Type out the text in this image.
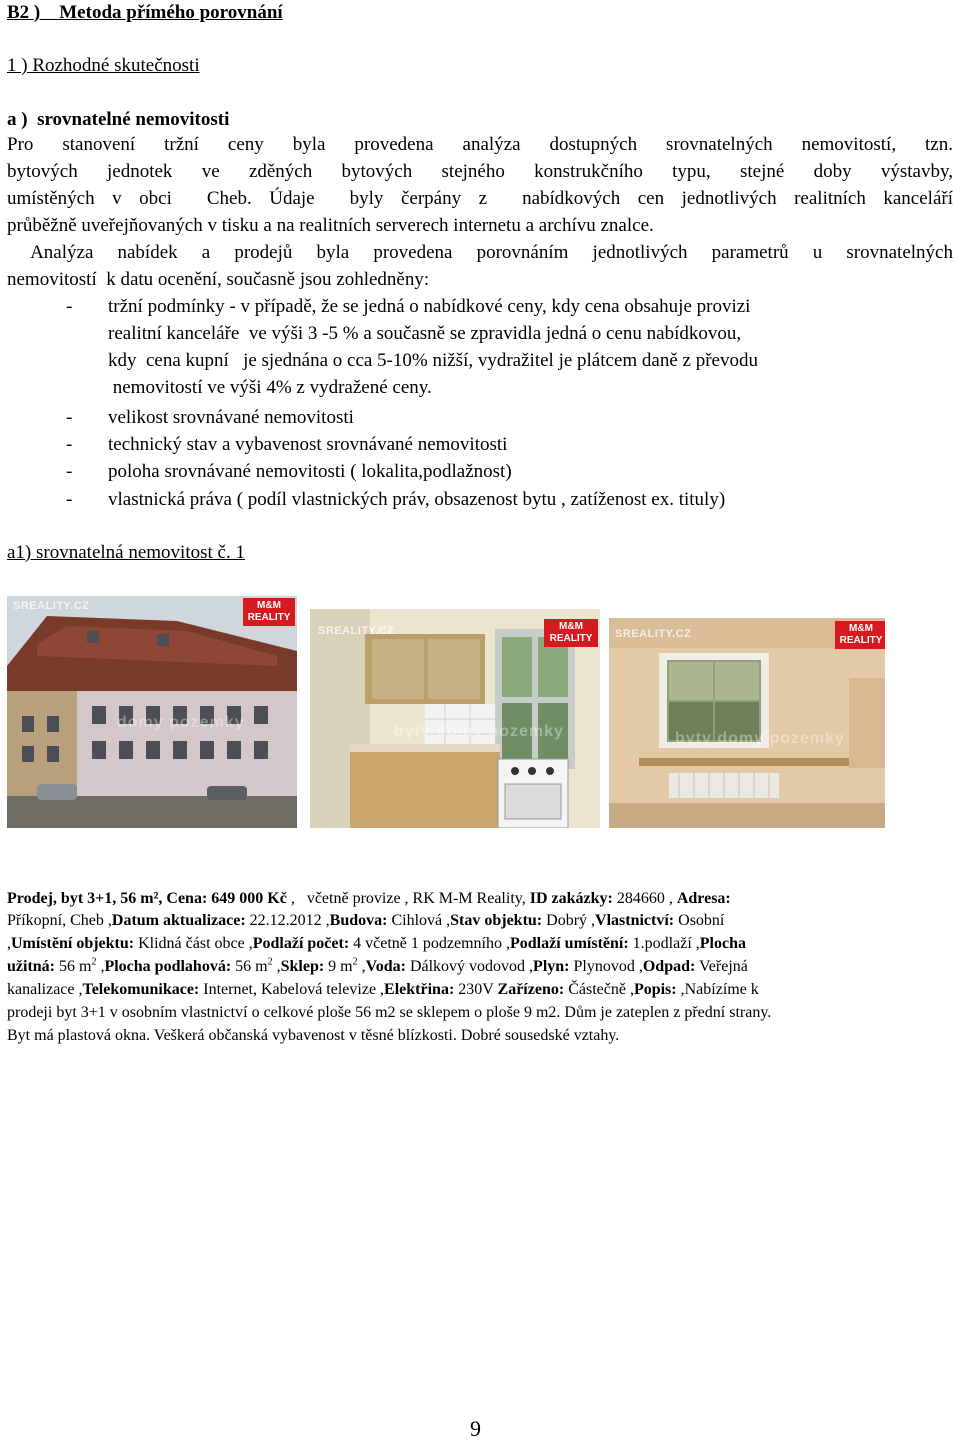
B2 )    Metoda přímého porovnání
1 ) Rozhodné skutečnosti
a )  srovnatelné nemovitosti
Pro stanovení tržní ceny byla provedena analýza dostupných srovnatelných nemovitostí, tzn.
bytových jednotek ve zděných bytových stejného konstrukčního typu, stejné doby výstavby,
umístěných v obci  Cheb. Údaje  byly čerpány z  nabídkových cen jednotlivých realitních kanceláří
průběžně uveřejňovaných v tisku a na realitních serverech internetu a archívu znalce.
Analýza nabídek a prodejů byla provedena porovnáním jednotlivých parametrů u srovnatelných
nemovitostí  k datu ocenění, současně jsou zohledněny:
- tržní podmínky - v případě, že se jedná o nabídkové ceny, kdy cena obsahuje provizi
realitní kanceláře  ve výši 3 -5 % a současně se zpravidla jedná o cenu nabídkovou,
kdy  cena kupní   je sjednána o cca 5-10% nižší, vydražitel je plátcem daně z převodu
nemovitostí ve výši 4% z vydražené ceny.
- velikost srovnávané nemovitosti
- technický stav a vybavenost srovnávané nemovitosti
- poloha srovnávané nemovitosti ( lokalita,podlažnost)
- vlastnická práva ( podíl vlastnických práv, obsazenost bytu , zatíženost ex. tituly)
a1) srovnatelná nemovitost č. 1
SREALITY.CZ	M&M REALITY
domy pozemky
SREALITY.CZ	M&M REALITY
byty domy pozemky
SREALITY.CZ	M&M REALITY
byty domy pozemky
Prodej, byt 3+1, 56 m², Cena: 649 000 Kč ,   včetně provize , RK M-M Reality, ID zakázky: 284660 , Adresa:
Příkopní, Cheb ,Datum aktualizace: 22.12.2012 ,Budova: Cihlová ,Stav objektu: Dobrý ,Vlastnictví: Osobní
,Umístění objektu: Klidná část obce ,Podlaží počet: 4 včetně 1 podzemního ,Podlaží umístění: 1.podlaží ,Plocha
užitná: 56 $m^2$ ,Plocha podlahová: 56 $m^2$ ,Sklep: 9 $m^2$ ,Voda: Dálkový vodovod ,Plyn: Plynovod ,Odpad: Veřejná
kanalizace ,Telekomunikace: Internet, Kabelová televize ,Elektřina: 230V Zařízeno: Částečně ,Popis: ,Nabízíme k
prodeji byt 3+1 v osobním vlastnictví o celkové ploše 56 m2 se sklepem o ploše 9 m2. Dům je zateplen z přední strany.
Byt má plastová okna. Veškerá občanská vybavenost v těsné blízkosti. Dobré sousedské vztahy.
9
